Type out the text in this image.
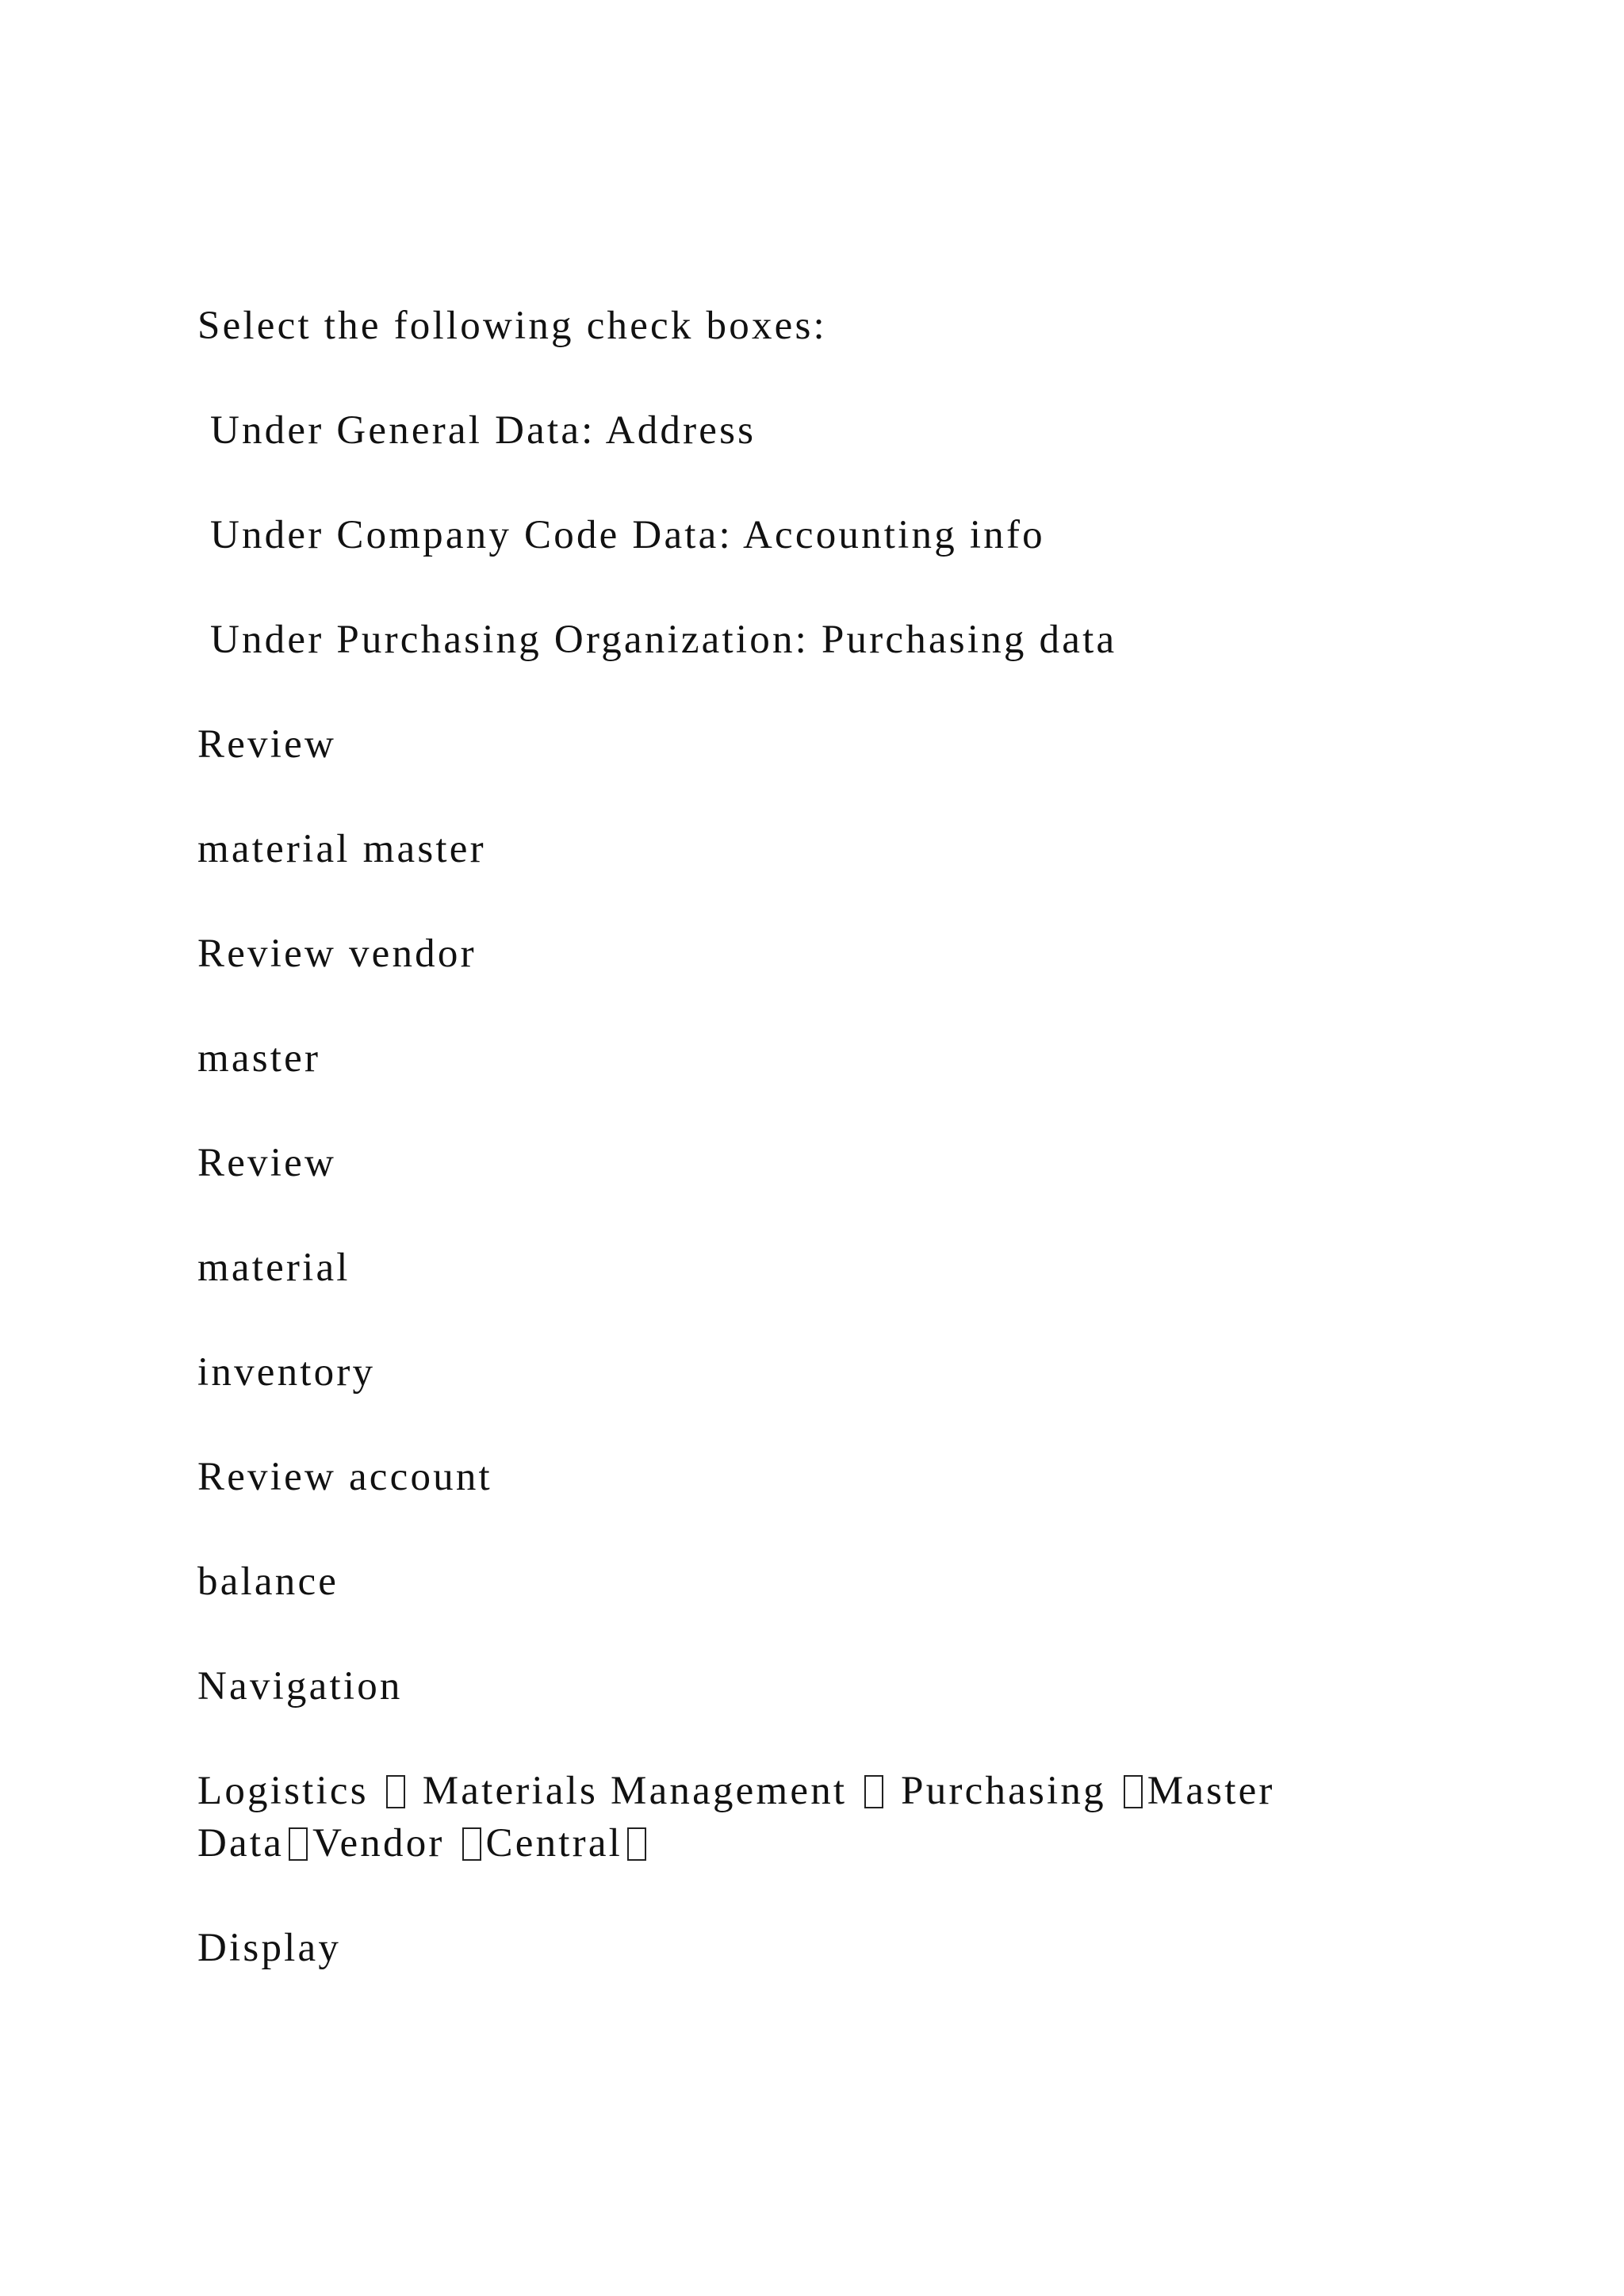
Select the following check boxes:
Under General Data: Address
Under Company Code Data: Accounting info
Under Purchasing Organization: Purchasing data
Review
material master
Review vendor
master
Review
material
inventory
Review account
balance
Navigation
Logistics  Materials Management  Purchasing Master
Data Vendor Central
Display
